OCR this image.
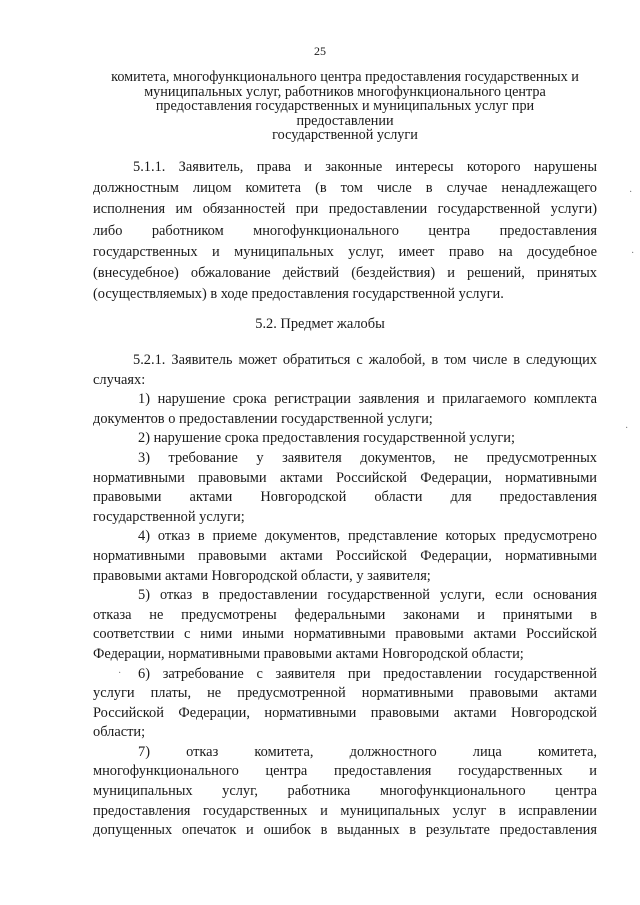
25
комитета, многофункционального центра предоставления государственных и
муниципальных услуг, работников многофункционального центра
предоставления государственных и муниципальных услуг при
предоставлении
государственной услуги
5.1.1. Заявитель, права и законные интересы которого нарушены
должностным лицом комитета (в том числе в случае ненадлежащего
исполнения им обязанностей при предоставлении государственной услуги)
либо работником многофункционального центра предоставления
государственных и муниципальных услуг, имеет право на досудебное
(внесудебное) обжалование действий (бездействия) и решений, принятых
(осуществляемых) в ходе предоставления государственной услуги.
5.2. Предмет жалобы
5.2.1. Заявитель может обратиться с жалобой, в том числе в следующих
случаях:
1) нарушение срока регистрации заявления и прилагаемого комплекта
документов о предоставлении государственной услуги;
2) нарушение срока предоставления государственной услуги;
3) требование у заявителя документов, не предусмотренных
нормативными правовыми актами Российской Федерации, нормативными
правовыми актами Новгородской области для предоставления
государственной услуги;
4) отказ в приеме документов, представление которых предусмотрено
нормативными правовыми актами Российской Федерации, нормативными
правовыми актами Новгородской области, у заявителя;
5) отказ в предоставлении государственной услуги, если основания
отказа не предусмотрены федеральными законами и принятыми в
соответствии с ними иными нормативными правовыми актами Российской
Федерации, нормативными правовыми актами Новгородской области;
6) затребование с заявителя при предоставлении государственной
услуги платы, не предусмотренной нормативными правовыми актами
Российской Федерации, нормативными правовыми актами Новгородской
области;
7) отказ комитета, должностного лица комитета,
многофункционального центра предоставления государственных и
муниципальных услуг, работника многофункционального центра
предоставления государственных и муниципальных услуг в исправлении
допущенных опечаток и ошибок в выданных в результате предоставления
·
·
·
·
